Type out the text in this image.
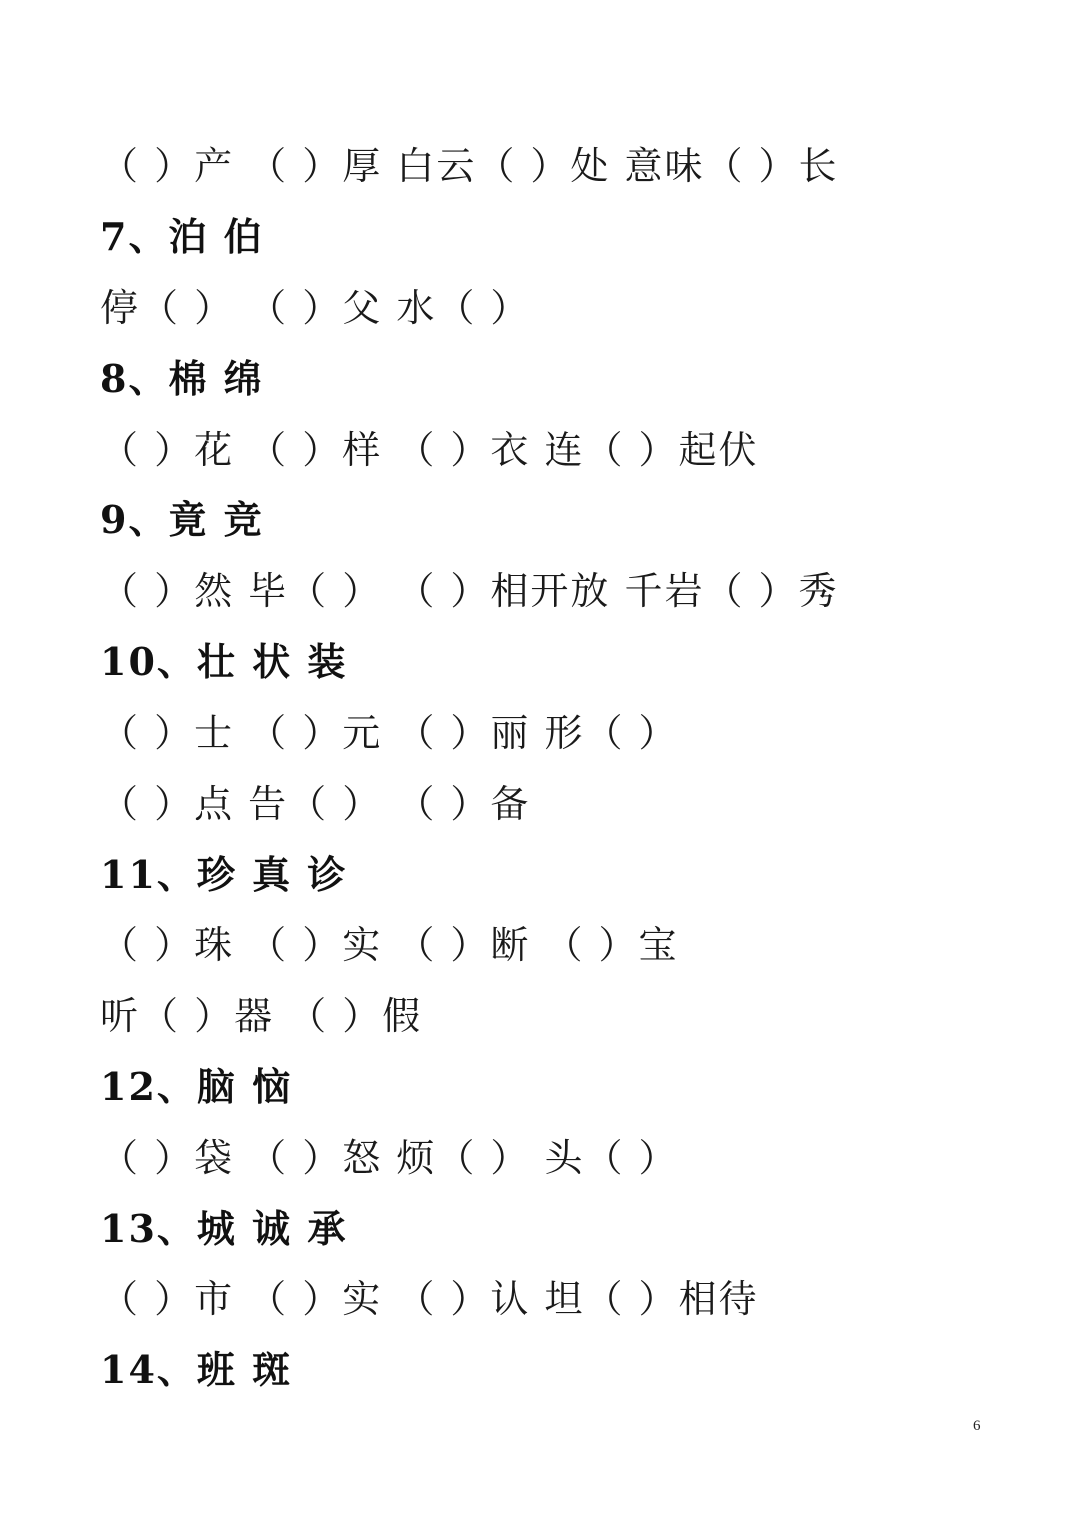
（ ）产 （ ）厚 白云（ ）处 意味（ ）长
7、泊 伯
停（ ） （ ）父 水（ ）
8、棉 绵
（ ）花 （ ）样 （ ）衣 连（ ）起伏
9、竟 竞
（ ）然 毕（ ） （ ）相开放 千岩（ ）秀
10、壮 状 装
（ ）士 （ ）元 （ ）丽 形（ ）
（ ）点 告（ ） （ ）备
11、珍 真 诊
（ ）珠 （ ）实 （ ）断 （ ）宝
听（ ）器 （ ）假
12、脑 恼
（ ）袋 （ ）怒 烦（ ） 头（ ）
13、城 诚 承
（ ）市 （ ）实 （ ）认 坦（ ）相待
14、班 斑
6
